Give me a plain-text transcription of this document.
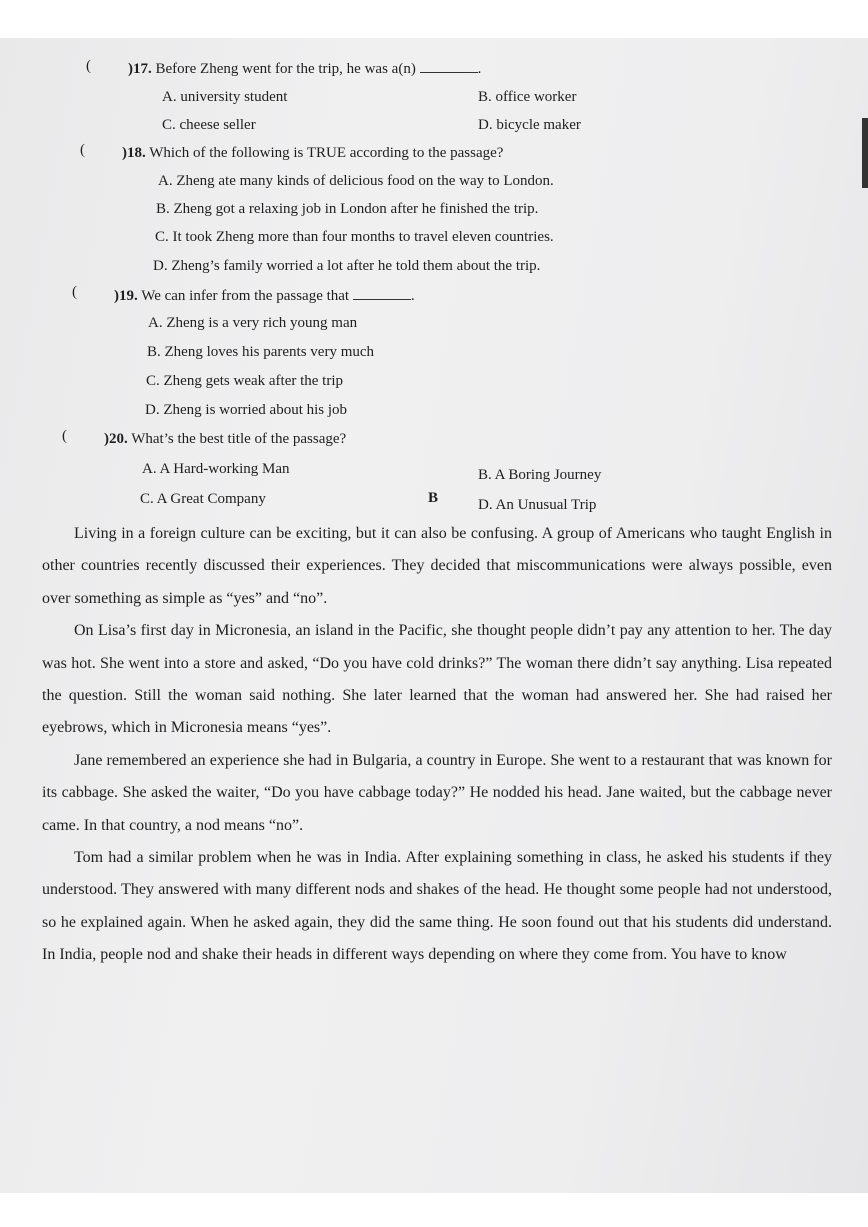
( )17. Before Zheng went for the trip, he was a(n)	.
A. university student	B. office worker
C. cheese seller	D. bicycle maker
( )18. Which of the following is TRUE according to the passage?
A. Zheng ate many kinds of delicious food on the way to London.
B. Zheng got a relaxing job in London after he finished the trip.
C. It took Zheng more than four months to travel eleven countries.
D. Zheng’s family worried a lot after he told them about the trip.
( )19. We can infer from the passage that	.
A. Zheng is a very rich young man
B. Zheng loves his parents very much
C. Zheng gets weak after the trip
D. Zheng is worried about his job
( )20. What’s the best title of the passage?
A. A Hard-working Man	B. A Boring Journey
C. A Great Company	D. An Unusual Trip
B

Living in a foreign culture can be exciting, but it can also be confusing. A group of Americans who taught English in other countries recently discussed their experiences. They decided that miscommunications were always possible, even over something as simple as “yes” and “no”.

On Lisa’s first day in Micronesia, an island in the Pacific, she thought people didn’t pay any attention to her. The day was hot. She went into a store and asked, “Do you have cold drinks?” The woman there didn’t say anything. Lisa repeated the question. Still the woman said nothing. She later learned that the woman had answered her. She had raised her eyebrows, which in Micronesia means “yes”.

Jane remembered an experience she had in Bulgaria, a country in Europe. She went to a restaurant that was known for its cabbage. She asked the waiter, “Do you have cabbage today?” He nodded his head. Jane waited, but the cabbage never came. In that country, a nod means “no”.

Tom had a similar problem when he was in India. After explaining something in class, he asked his students if they understood. They answered with many different nods and shakes of the head. He thought some people had not understood, so he explained again. When he asked again, they did the same thing. He soon found out that his students did understand. In India, people nod and shake their heads in different ways depending on where they come from. You have to know
